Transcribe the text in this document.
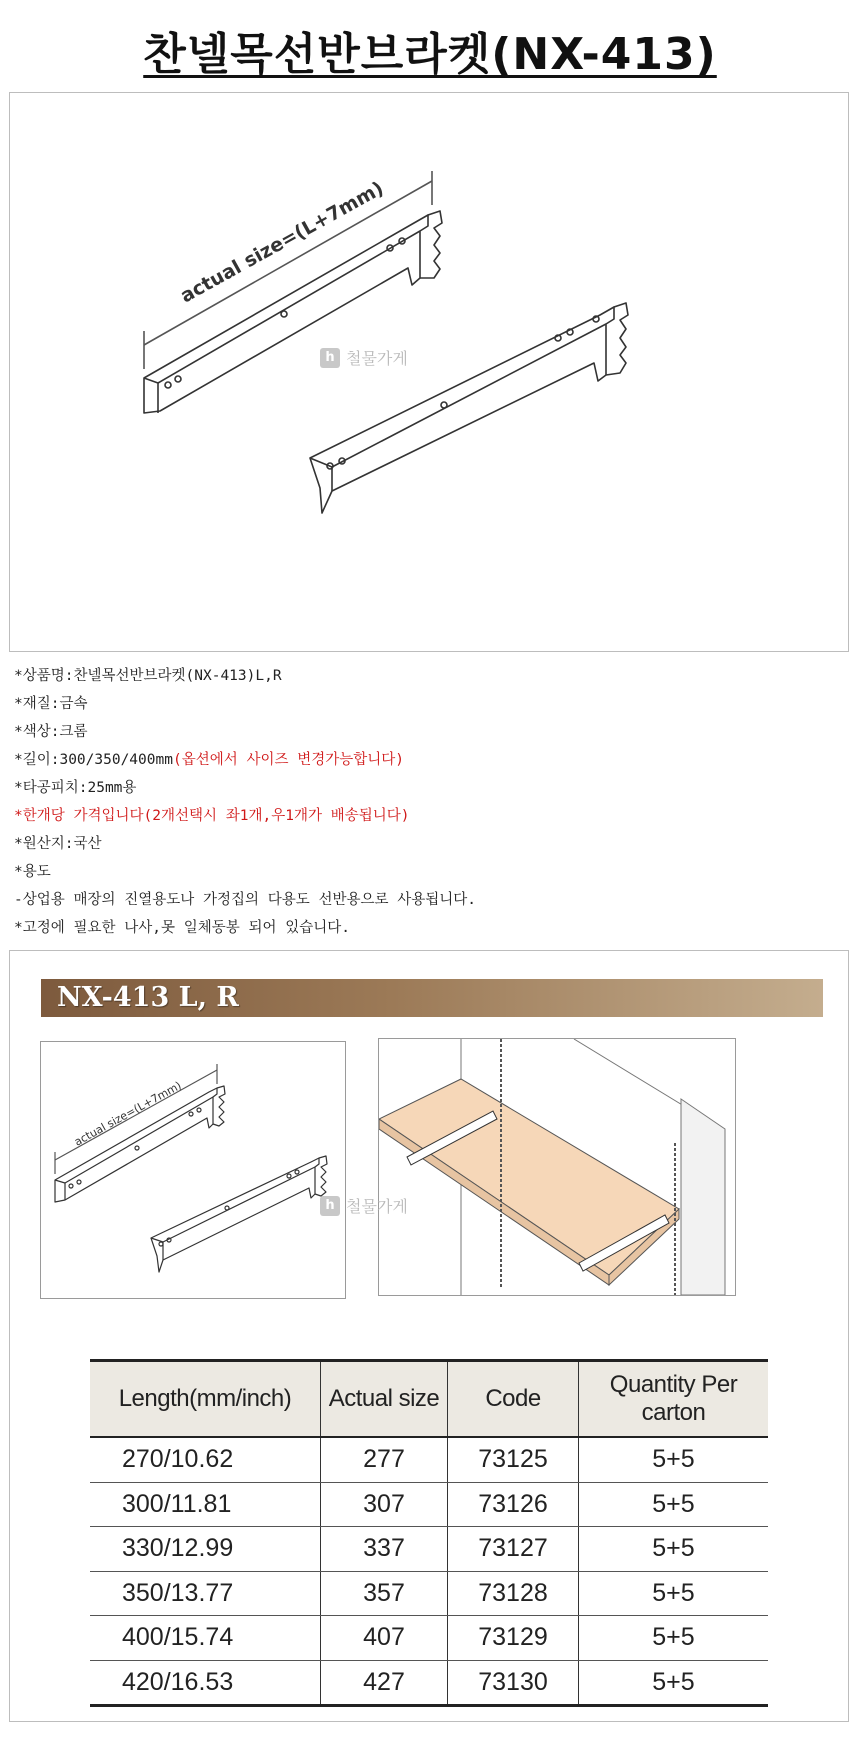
찬넬목선반브라켓(NX-413)
actual size=(L+7mm)
h 철물가게
*상품명:찬넬목선반브라켓(NX-413)L,R
*재질:금속
*색상:크롬
*길이:300/350/400mm(옵션에서 사이즈 변경가능합니다)
*타공피치:25mm용
*한개당 가격입니다(2개선택시 좌1개,우1개가 배송됩니다)
*원산지:국산
*용도
-상업용 매장의 진열용도나 가정집의 다용도 선반용으로 사용됩니다.
*고정에 필요한 나사,못 일체동봉 되어 있습니다.
NX-413 L, R
actual size=(L+7mm)
h 철물가게
Length(mm/inch)	Actual size	Code	Quantity Per carton
270/10.62	277	73125	5+5
300/11.81	307	73126	5+5
330/12.99	337	73127	5+5
350/13.77	357	73128	5+5
400/15.74	407	73129	5+5
420/16.53	427	73130	5+5
